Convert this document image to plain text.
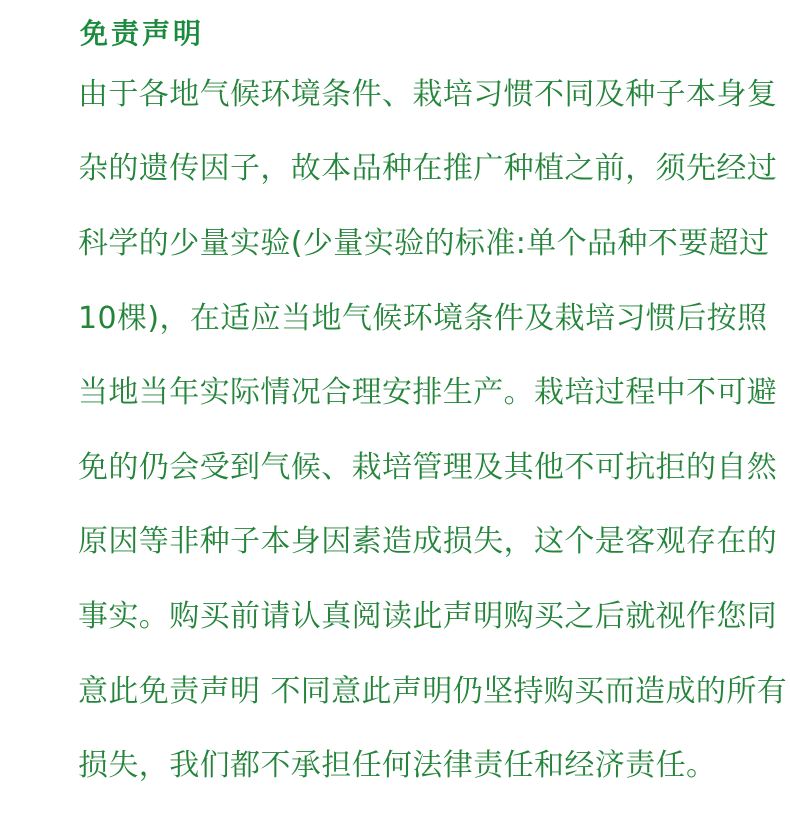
免责声明
由于各地气候环境条件、栽培习惯不同及种子本身复
杂的遗传因子，故本品种在推广种植之前，须先经过
科学的少量实验(少量实验的标准:单个品种不要超过
10棵)，在适应当地气候环境条件及栽培习惯后按照
当地当年实际情况合理安排生产。栽培过程中不可避
免的仍会受到气候、栽培管理及其他不可抗拒的自然
原因等非种子本身因素造成损失，这个是客观存在的
事实。购买前请认真阅读此声明购买之后就视作您同
意此免责声明 不同意此声明仍坚持购买而造成的所有
损失，我们都不承担任何法律责任和经济责任。
